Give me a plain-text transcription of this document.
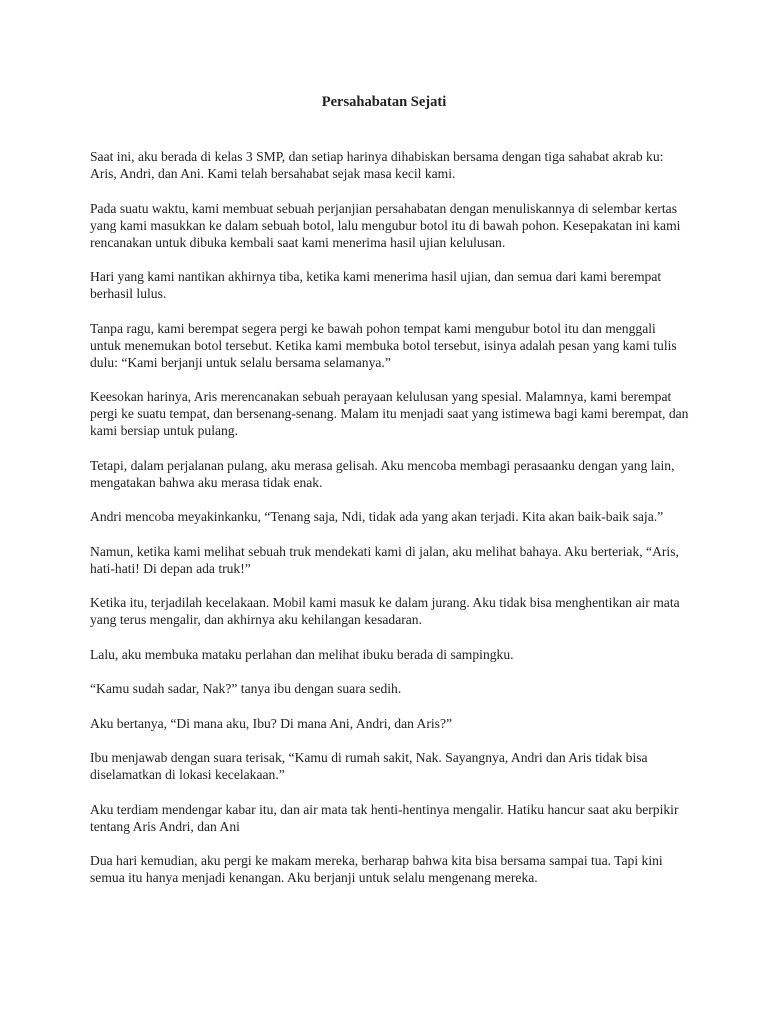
Persahabatan Sejati

Saat ini, aku berada di kelas 3 SMP, dan setiap harinya dihabiskan bersama dengan tiga sahabat akrab ku: Aris, Andri, dan Ani. Kami telah bersahabat sejak masa kecil kami.

Pada suatu waktu, kami membuat sebuah perjanjian persahabatan dengan menuliskannya di selembar kertas yang kami masukkan ke dalam sebuah botol, lalu mengubur botol itu di bawah pohon. Kesepakatan ini kami rencanakan untuk dibuka kembali saat kami menerima hasil ujian kelulusan.

Hari yang kami nantikan akhirnya tiba, ketika kami menerima hasil ujian, dan semua dari kami berempat berhasil lulus.

Tanpa ragu, kami berempat segera pergi ke bawah pohon tempat kami mengubur botol itu dan menggali untuk menemukan botol tersebut. Ketika kami membuka botol tersebut, isinya adalah pesan yang kami tulis dulu: “Kami berjanji untuk selalu bersama selamanya.”

Keesokan harinya, Aris merencanakan sebuah perayaan kelulusan yang spesial. Malamnya, kami berempat pergi ke suatu tempat, dan bersenang-senang. Malam itu menjadi saat yang istimewa bagi kami berempat, dan kami bersiap untuk pulang.

Tetapi, dalam perjalanan pulang, aku merasa gelisah. Aku mencoba membagi perasaanku dengan yang lain, mengatakan bahwa aku merasa tidak enak.

Andri mencoba meyakinkanku, “Tenang saja, Ndi, tidak ada yang akan terjadi. Kita akan baik-baik saja.”

Namun, ketika kami melihat sebuah truk mendekati kami di jalan, aku melihat bahaya. Aku berteriak, “Aris, hati-hati! Di depan ada truk!”

Ketika itu, terjadilah kecelakaan. Mobil kami masuk ke dalam jurang. Aku tidak bisa menghentikan air mata yang terus mengalir, dan akhirnya aku kehilangan kesadaran.

Lalu, aku membuka mataku perlahan dan melihat ibuku berada di sampingku.

“Kamu sudah sadar, Nak?” tanya ibu dengan suara sedih.

Aku bertanya, “Di mana aku, Ibu? Di mana Ani, Andri, dan Aris?”

Ibu menjawab dengan suara terisak, “Kamu di rumah sakit, Nak. Sayangnya, Andri dan Aris tidak bisa diselamatkan di lokasi kecelakaan.”

Aku terdiam mendengar kabar itu, dan air mata tak henti-hentinya mengalir. Hatiku hancur saat aku berpikir tentang Aris Andri, dan Ani

Dua hari kemudian, aku pergi ke makam mereka, berharap bahwa kita bisa bersama sampai tua. Tapi kini semua itu hanya menjadi kenangan. Aku berjanji untuk selalu mengenang mereka.
